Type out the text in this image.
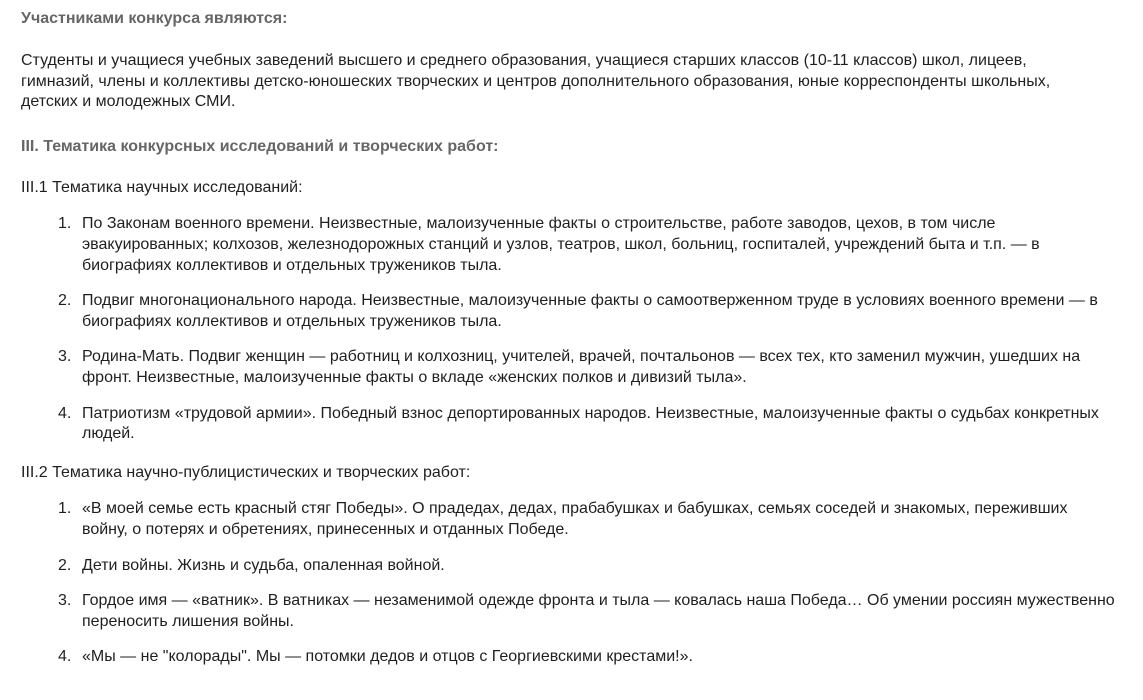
Участниками конкурса являются:

Студенты и учащиеся учебных заведений высшего и среднего образования, учащиеся старших классов (10-11 классов) школ, лицеев, гимназий, члены и коллективы детско-юношеских творческих и центров дополнительного образования, юные корреспонденты школьных, детских и молодежных СМИ.

III. Тематика конкурсных исследований и творческих работ:

III.1 Тематика научных исследований:

1. По Законам военного времени. Неизвестные, малоизученные факты о строительстве, работе заводов, цехов, в том числе эвакуированных; колхозов, железнодорожных станций и узлов, театров, школ, больниц, госпиталей, учреждений быта и т.п. — в биографиях коллективов и отдельных тружеников тыла.
2. Подвиг многонационального народа. Неизвестные, малоизученные факты о самоотверженном труде в условиях военного времени — в биографиях коллективов и отдельных тружеников тыла.
3. Родина-Мать. Подвиг женщин — работниц и колхозниц, учителей, врачей, почтальонов — всех тех, кто заменил мужчин, ушедших на фронт. Неизвестные, малоизученные факты о вкладе «женских полков и дивизий тыла».
4. Патриотизм «трудовой армии». Победный взнос депортированных народов. Неизвестные, малоизученные факты о судьбах конкретных людей.

III.2 Тематика научно-публицистических и творческих работ:

1. «В моей семье есть красный стяг Победы». О прадедах, дедах, прабабушках и бабушках, семьях соседей и знакомых, переживших войну, о потерях и обретениях, принесенных и отданных Победе.
2. Дети войны. Жизнь и судьба, опаленная войной.
3. Гордое имя — «ватник». В ватниках — незаменимой одежде фронта и тыла — ковалась наша Победа… Об умении россиян мужественно переносить лишения войны.
4. «Мы — не "колорады". Мы — потомки дедов и отцов с Георгиевскими крестами!».
